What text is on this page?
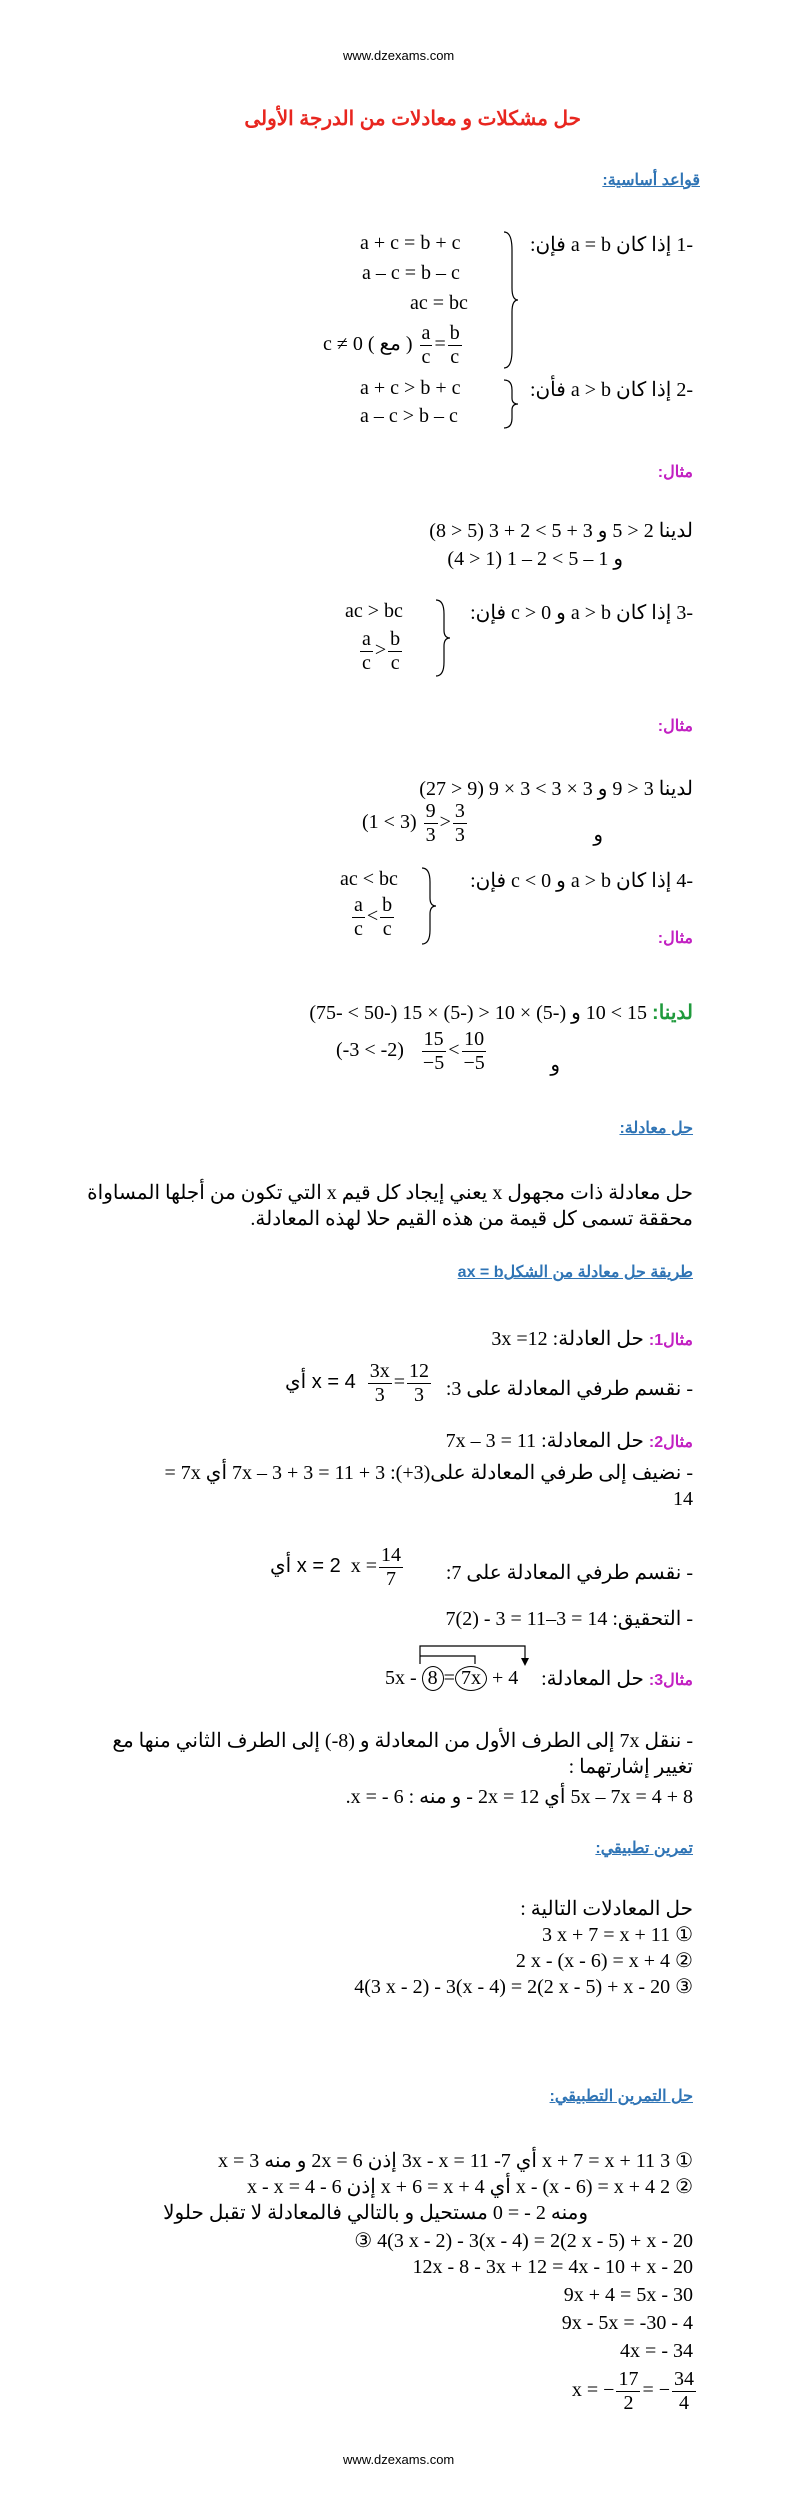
www.dzexams.com
حل مشكلات و معادلات من الدرجة الأولى
قواعد أساسية:
-1 إذا كان a = b فإن:
a + c = b + c
a – c = b – c
ac = bc
c ≠ 0 ( مع ) $\frac{a}{c} = \frac{b}{c}$
-2 إذا كان a > b فأن:
a + c > b + c
a – c > b – c
مثال:
لدينا 2 < 5 و 3 + 5 > 2 + 3 (5 < 8)
و 1 – 5 > 2 – 1 (1 < 4)
-3 إذا كان a > b و c > 0 فإن:
ac > bc
$\frac{a}{c} > \frac{b}{c}$
مثال:
لدينا 3 < 9 و 3 × 3 > 3 × 9 (9 < 27)
و
$(1 < 3) \frac{9}{3} > \frac{3}{3}$
-4 إذا كان a > b و c < 0 فإن:
ac < bc
$\frac{a}{c} < \frac{b}{c}$	مثال:
لدينا: 15 > 10 و (-5) × 10 < (-5) × 15 (-50 > -75)
و
$(-3 < -2) \frac{15}{-5} < \frac{10}{-5}$
حل معادلة:
حل معادلة ذات مجهول x يعني إيجاد كل قيم x التي تكون من أجلها المساواة
محققة تسمى كل قيمة من هذه القيم حلا لهذه المعادلة.
طريقة حل معادلة من الشكلax = b
مثال1: حل العادلة: 3x =12
- نقسم طرفي المعادلة على 3:
أي $x = 4 \frac{3x}{3} = \frac{12}{3}$
مثال2: حل المعادلة: 7x – 3 = 11
- نضيف إلى طرفي المعادلة على(3+): 3 + 11 = 3 + 3 – 7x أي 7x =
14
- نقسم طرفي المعادلة على 7:
أي x = 2 $x = \frac{14}{7}$
- التحقيق: 14 = 3–11 = 3 - (2)7
مثال3: حل المعادلة:
5x - 8 = 7x + 4
- ننقل 7x إلى الطرف الأول من المعادلة و (8-) إلى الطرف الثاني منها مع
تغيير إشارتهما :
5x – 7x = 4 + 8 أي 2x = 12 - و منه : 6 - = x.
تمرين تطبيقي:
حل المعادلات التالية :
3 x + 7 = x + 11 ①
2 x - (x - 6) = x + 4 ②
4(3 x - 2) - 3(x - 4) = 2(2 x - 5) + x - 20 ③
حل التمرين التطبيقي:
① 3 x + 7 = x + 11 أي 7- 11 = 3x - x إذن 2x = 6 و منه x = 3
② 2 x - (x - 6) = x + 4 أي x + 6 = x + 4 إذن 6 - 4 = x - x
ومنه 2 - = 0 مستحيل و بالتالي فالمعادلة لا تقبل حلولا
③ 4(3 x - 2) - 3(x - 4) = 2(2 x - 5) + x - 20
12x - 8 - 3x + 12 = 4x - 10 + x - 20
9x + 4 = 5x - 30
9x - 5x = -30 - 4
4x = - 34
x = − $\frac{17}{2}$ = − $\frac{34}{4}$
www.dzexams.com
